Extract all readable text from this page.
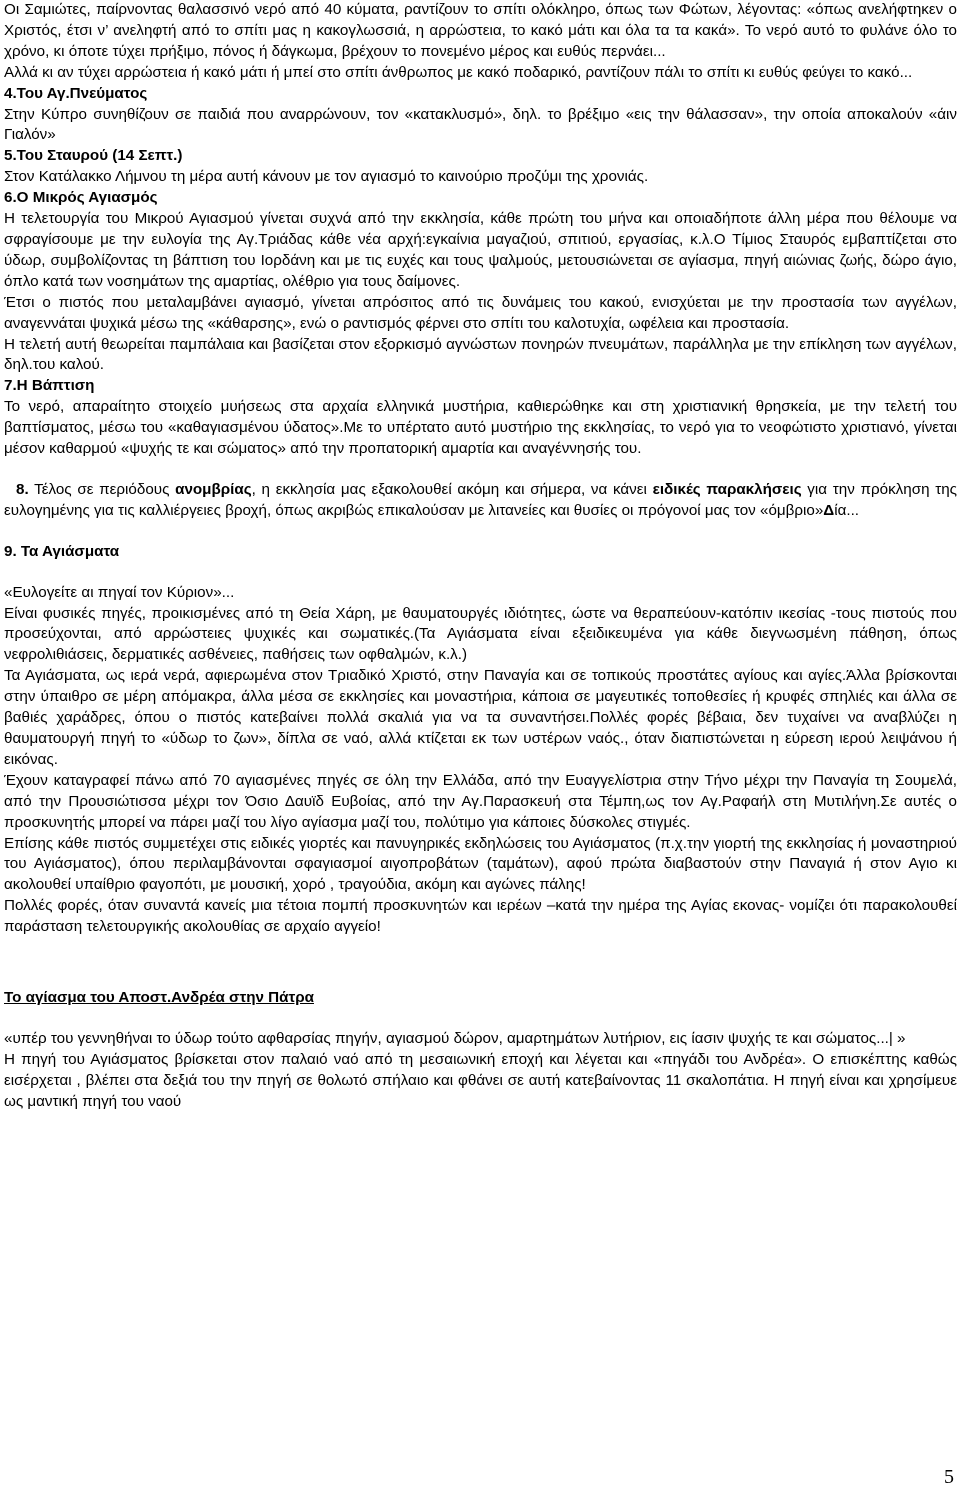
Οι Σαμιώτες, παίρνοντας θαλασσινό νερό από 40 κύματα, ραντίζουν το σπίτι ολόκληρο, όπως των Φώτων, λέγοντας: «όπως ανελήφτηκεν ο Χριστός, έτσι ν’ ανεληφτή από το σπίτι μας η κακογλωσσιά, η αρρώστεια, το κακό μάτι και όλα τα τα κακά». Το νερό αυτό το φυλάνε όλο το χρόνο, κι όποτε τύχει πρήξιμο, πόνος ή δάγκωμα, βρέχουν το πονεμένο μέρος και ευθύς περνάει...

Αλλά κι αν τύχει αρρώστεια ή κακό μάτι ή μπεί στο σπίτι άνθρωπος με κακό ποδαρικό, ραντίζουν πάλι το σπίτι κι ευθύς φεύγει το κακό...

4.Του Αγ.Πνεύματος

Στην Κύπρο συνηθίζουν σε παιδιά που αναρρώνουν, τον «κατακλυσμό», δηλ. το βρέξιμο «εις την θάλασσαν», την οποία αποκαλούν «άιν Γιαλόν»

5.Του Σταυρού (14 Σεπτ.)

Στον Κατάλακκο Λήμνου τη μέρα αυτή κάνουν με τον αγιασμό το καινούριο προζύμι της χρονιάς.

6.Ο Μικρός Αγιασμός

Η τελετουργία του Μικρού Αγιασμού γίνεται συχνά από την εκκλησία, κάθε πρώτη του μήνα και οποιαδήποτε άλλη μέρα που θέλουμε να σφραγίσουμε με την ευλογία της Αγ.Τριάδας κάθε νέα αρχή:εγκαίνια μαγαζιού, σπιτιού, εργασίας, κ.λ.Ο Τίμιος Σταυρός εμβαπτίζεται στο ύδωρ, συμβολίζοντας τη βάπτιση του Ιορδάνη και με τις ευχές και τους ψαλμούς, μετουσιώνεται σε αγίασμα, πηγή αιώνιας ζωής, δώρο άγιο, όπλο κατά των νοσημάτων της αμαρτίας, ολέθριο για τους δαίμονες.

Έτσι ο πιστός που μεταλαμβάνει αγιασμό, γίνεται απρόσιτος από τις δυνάμεις του κακού, ενισχύεται με την προστασία των αγγέλων, αναγεννάται ψυχικά μέσω της «κάθαρσης», ενώ ο ραντισμός φέρνει στο σπίτι του καλοτυχία, ωφέλεια και προστασία.

Η τελετή αυτή θεωρείται παμπάλαια και βασίζεται στον εξορκισμό αγνώστων πονηρών πνευμάτων, παράλληλα με την επίκληση των αγγέλων, δηλ.του καλού.

7.Η Βάπτιση

Το νερό, απαραίτητο στοιχείο μυήσεως στα αρχαία ελληνικά μυστήρια, καθιερώθηκε και στη χριστιανική θρησκεία, με την τελετή του βαπτίσματος, μέσω του «καθαγιασμένου ύδατος».Με το υπέρτατο αυτό μυστήριο της εκκλησίας, το νερό για το νεοφώτιστο χριστιανό, γίνεται μέσον καθαρμού «ψυχής τε και σώματος» από την προπατορική αμαρτία και αναγέννησής του.

8. Τέλος σε περιόδους ανομβρίας, η εκκλησία μας εξακολουθεί ακόμη και σήμερα, να κάνει ειδικές παρακλήσεις για την πρόκληση της ευλογημένης για τις καλλιέργειες βροχή, όπως ακριβώς επικαλούσαν με λιτανείες και θυσίες οι πρόγονοί μας τον «όμβριο»Δία...

9. Τα Αγιάσματα

«Ευλογείτε αι πηγαί τον Κύριον»...

Είναι φυσικές πηγές, προικισμένες από τη Θεία Χάρη, με θαυματουργές ιδιότητες, ώστε να θεραπεύουν-κατόπιν ικεσίας -τους πιστούς που προσεύχονται, από αρρώστειες ψυχικές και σωματικές.(Τα Αγιάσματα είναι εξειδικευμένα για κάθε διεγνωσμένη πάθηση, όπως νεφρολιθιάσεις, δερματικές ασθένειες, παθήσεις των οφθαλμών, κ.λ.)

Τα Αγιάσματα, ως ιερά νερά, αφιερωμένα στον Τριαδικό Χριστό, στην Παναγία και σε τοπικούς προστάτες αγίους και αγίες.Άλλα βρίσκονται στην ύπαιθρο σε μέρη απόμακρα, άλλα μέσα σε εκκλησίες και μοναστήρια, κάποια σε μαγευτικές τοποθεσίες ή κρυφές σπηλιές και άλλα σε βαθιές χαράδρες, όπου ο πιστός κατεβαίνει πολλά σκαλιά για να τα συναντήσει.Πολλές φορές βέβαια, δεν τυχαίνει να αναβλύζει η θαυματουργή πηγή το «ύδωρ το ζων», δίπλα σε ναό, αλλά κτίζεται εκ των υστέρων ναός., όταν διαπιστώνεται η εύρεση ιερού λειψάνου ή εικόνας.

Έχουν καταγραφεί πάνω από 70 αγιασμένες πηγές σε όλη την Ελλάδα, από την Ευαγγελίστρια στην Τήνο μέχρι την Παναγία τη Σουμελά, από την Προυσιώτισσα μέχρι τον Όσιο Δαυϊδ Ευβοίας, από την Αγ.Παρασκευή στα Τέμπη,ως τον Αγ.Ραφαήλ στη Μυτιλήνη.Σε αυτές ο προσκυνητής μπορεί να πάρει μαζί του λίγο αγίασμα μαζί του, πολύτιμο για κάποιες δύσκολες στιγμές.

Επίσης κάθε πιστός συμμετέχει στις ειδικές γιορτές και πανυγηρικές εκδηλώσεις του Αγιάσματος (π.χ.την γιορτή της εκκλησίας ή μοναστηριού του Αγιάσματος), όπου περιλαμβάνονται σφαγιασμοί αιγοπροβάτων (ταμάτων), αφού πρώτα διαβαστούν στην Παναγιά ή στον Αγιο κι ακολουθεί υπαίθριο φαγοπότι, με μουσική, χορό , τραγούδια, ακόμη και αγώνες πάλης!

Πολλές φορές, όταν συναντά κανείς μια τέτοια πομπή προσκυνητών και ιερέων –κατά την ημέρα της Αγίας εκονας- νομίζει ότι παρακολουθεί παράσταση τελετουργικής ακολουθίας σε αρχαίο αγγείο!

Το αγίασμα του Αποστ.Ανδρέα στην Πάτρα

«υπέρ του γεννηθήναι το ύδωρ τούτο αφθαρσίας πηγήν, αγιασμού δώρον, αμαρτημάτων λυτήριον, εις ίασιν ψυχής τε και σώματος...| »

Η πηγή του Αγιάσματος βρίσκεται στον παλαιό ναό από τη μεσαιωνική εποχή και λέγεται και «πηγάδι του Ανδρέα». Ο επισκέπτης καθώς εισέρχεται , βλέπει στα δεξιά του την πηγή σε θολωτό σπήλαιο και φθάνει σε αυτή κατεβαίνοντας 11 σκαλοπάτια. Η πηγή είναι και χρησίμευε ως μαντική πηγή του ναού

5
